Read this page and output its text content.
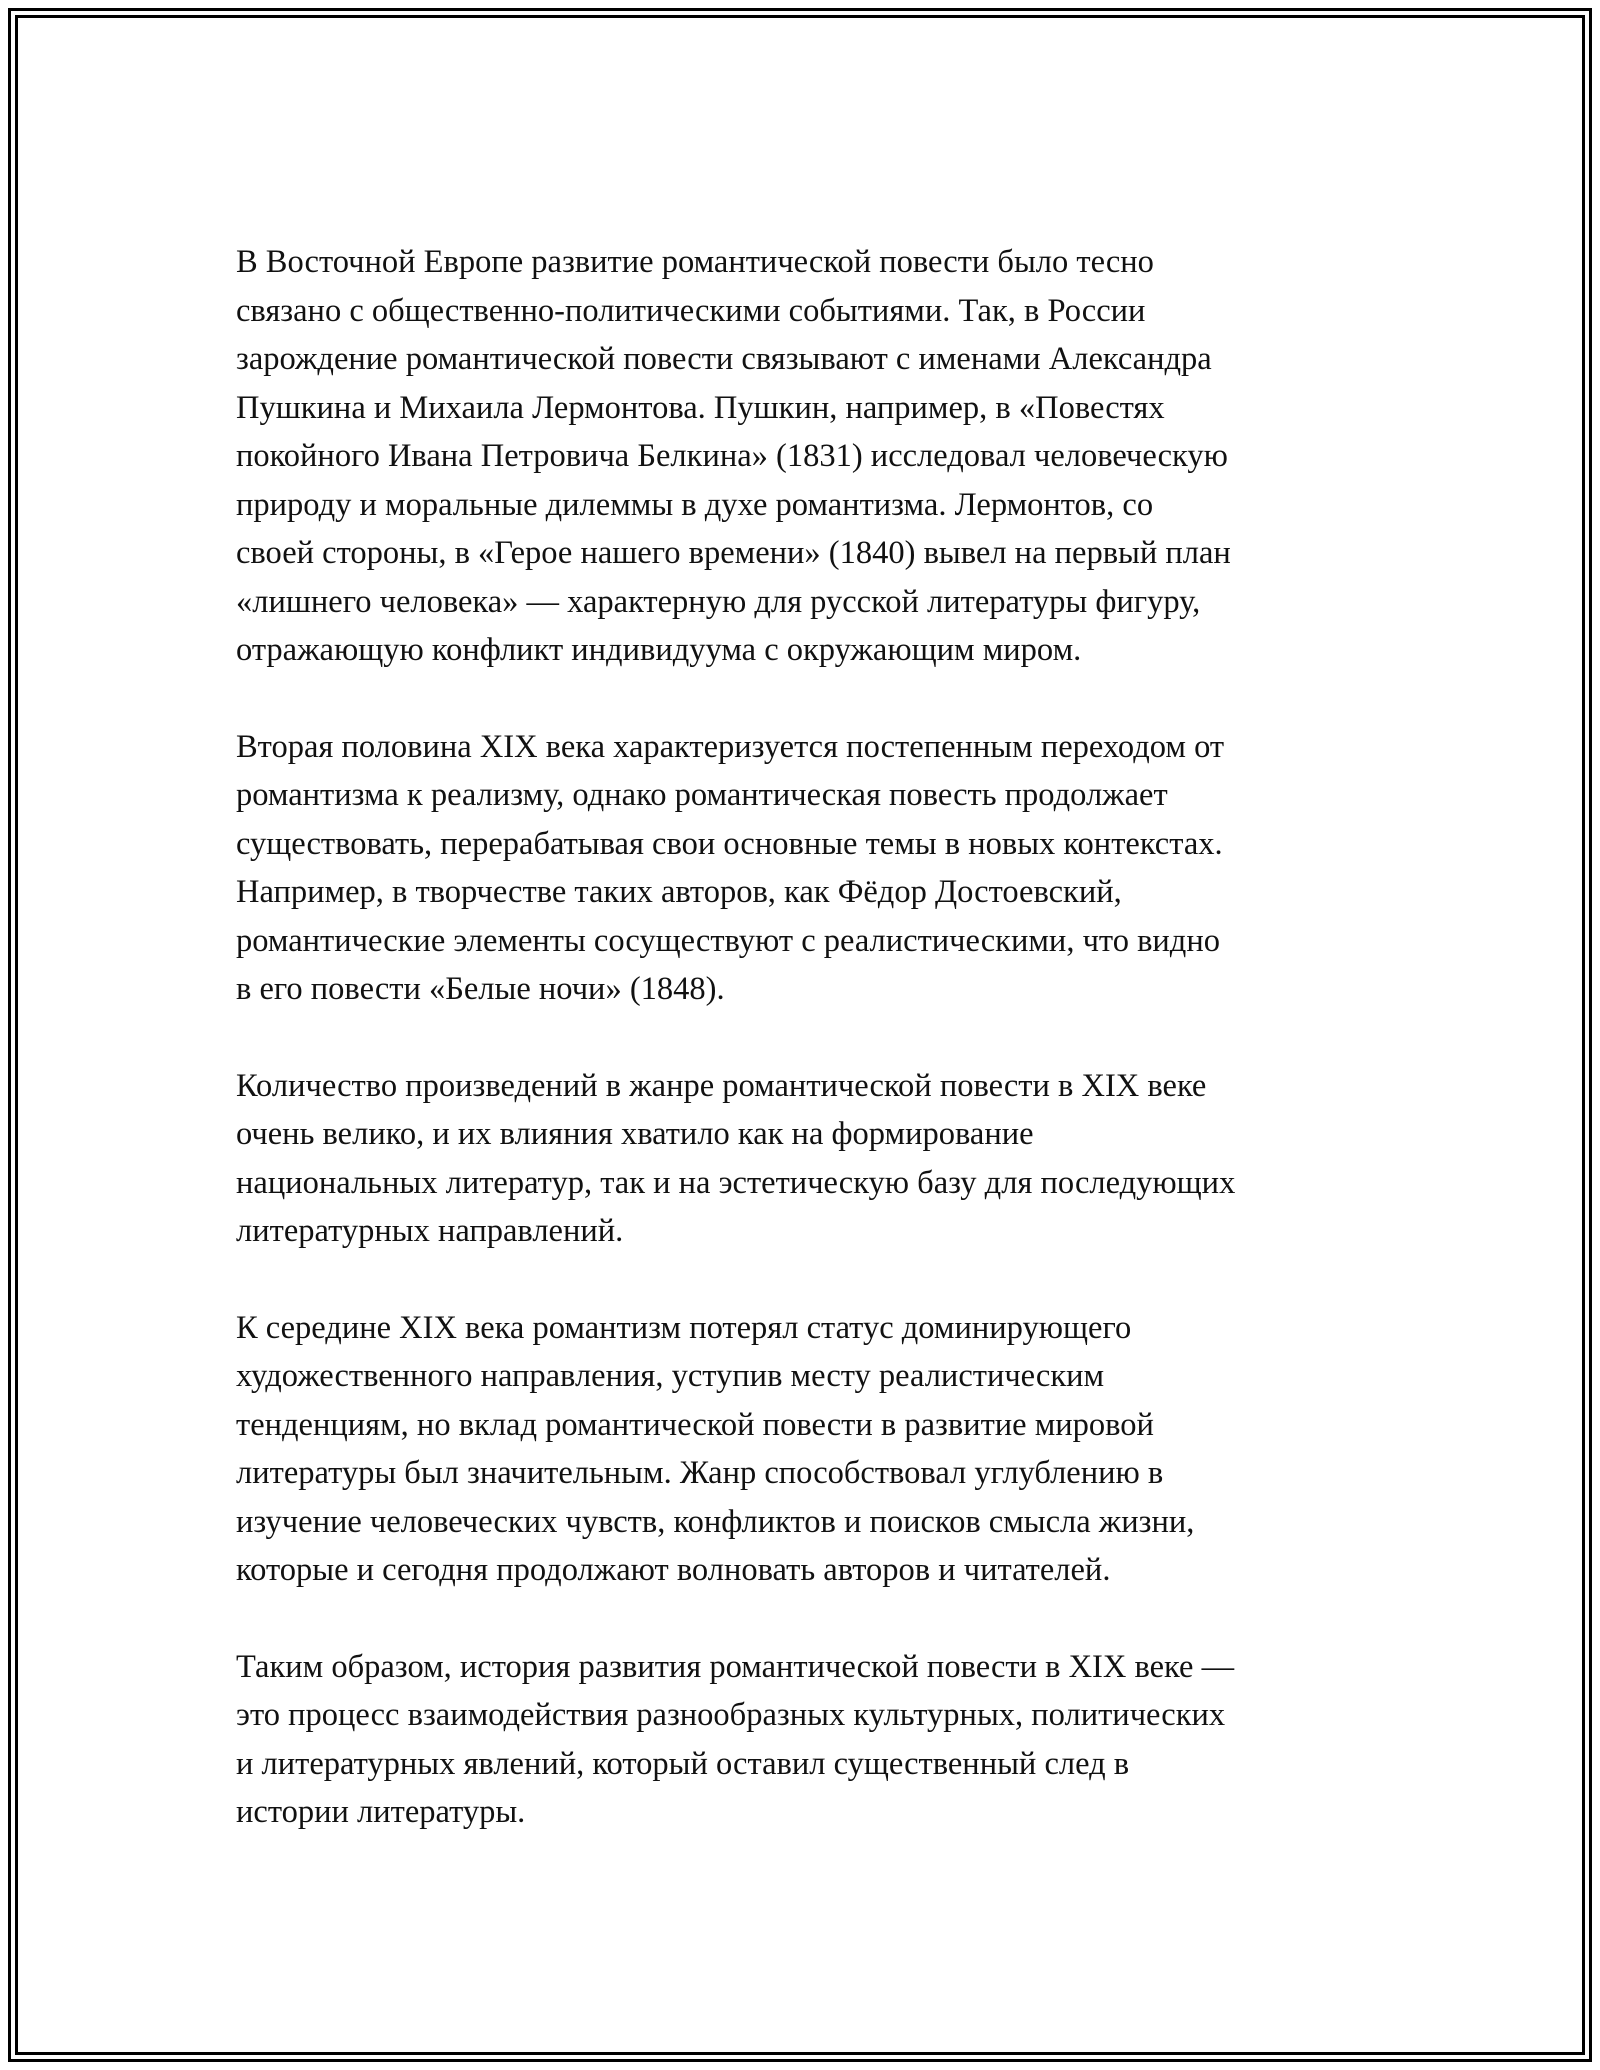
В Восточной Европе развитие романтической повести было тесно
связано с общественно-политическими событиями. Так, в России
зарождение романтической повести связывают с именами Александра
Пушкина и Михаила Лермонтова. Пушкин, например, в «Повестях
покойного Ивана Петровича Белкина» (1831) исследовал человеческую
природу и моральные дилеммы в духе романтизма. Лермонтов, со
своей стороны, в «Герое нашего времени» (1840) вывел на первый план
«лишнего человека» — характерную для русской литературы фигуру,
отражающую конфликт индивидуума с окружающим миром.

Вторая половина XIX века характеризуется постепенным переходом от
романтизма к реализму, однако романтическая повесть продолжает
существовать, перерабатывая свои основные темы в новых контекстах.
Например, в творчестве таких авторов, как Фёдор Достоевский,
романтические элементы сосуществуют с реалистическими, что видно
в его повести «Белые ночи» (1848).

Количество произведений в жанре романтической повести в XIX веке
очень велико, и их влияния хватило как на формирование
национальных литератур, так и на эстетическую базу для последующих
литературных направлений.

К середине XIX века романтизм потерял статус доминирующего
художественного направления, уступив месту реалистическим
тенденциям, но вклад романтической повести в развитие мировой
литературы был значительным. Жанр способствовал углублению в
изучение человеческих чувств, конфликтов и поисков смысла жизни,
которые и сегодня продолжают волновать авторов и читателей.

Таким образом, история развития романтической повести в XIX веке —
это процесс взаимодействия разнообразных культурных, политических
и литературных явлений, который оставил существенный след в
истории литературы.
